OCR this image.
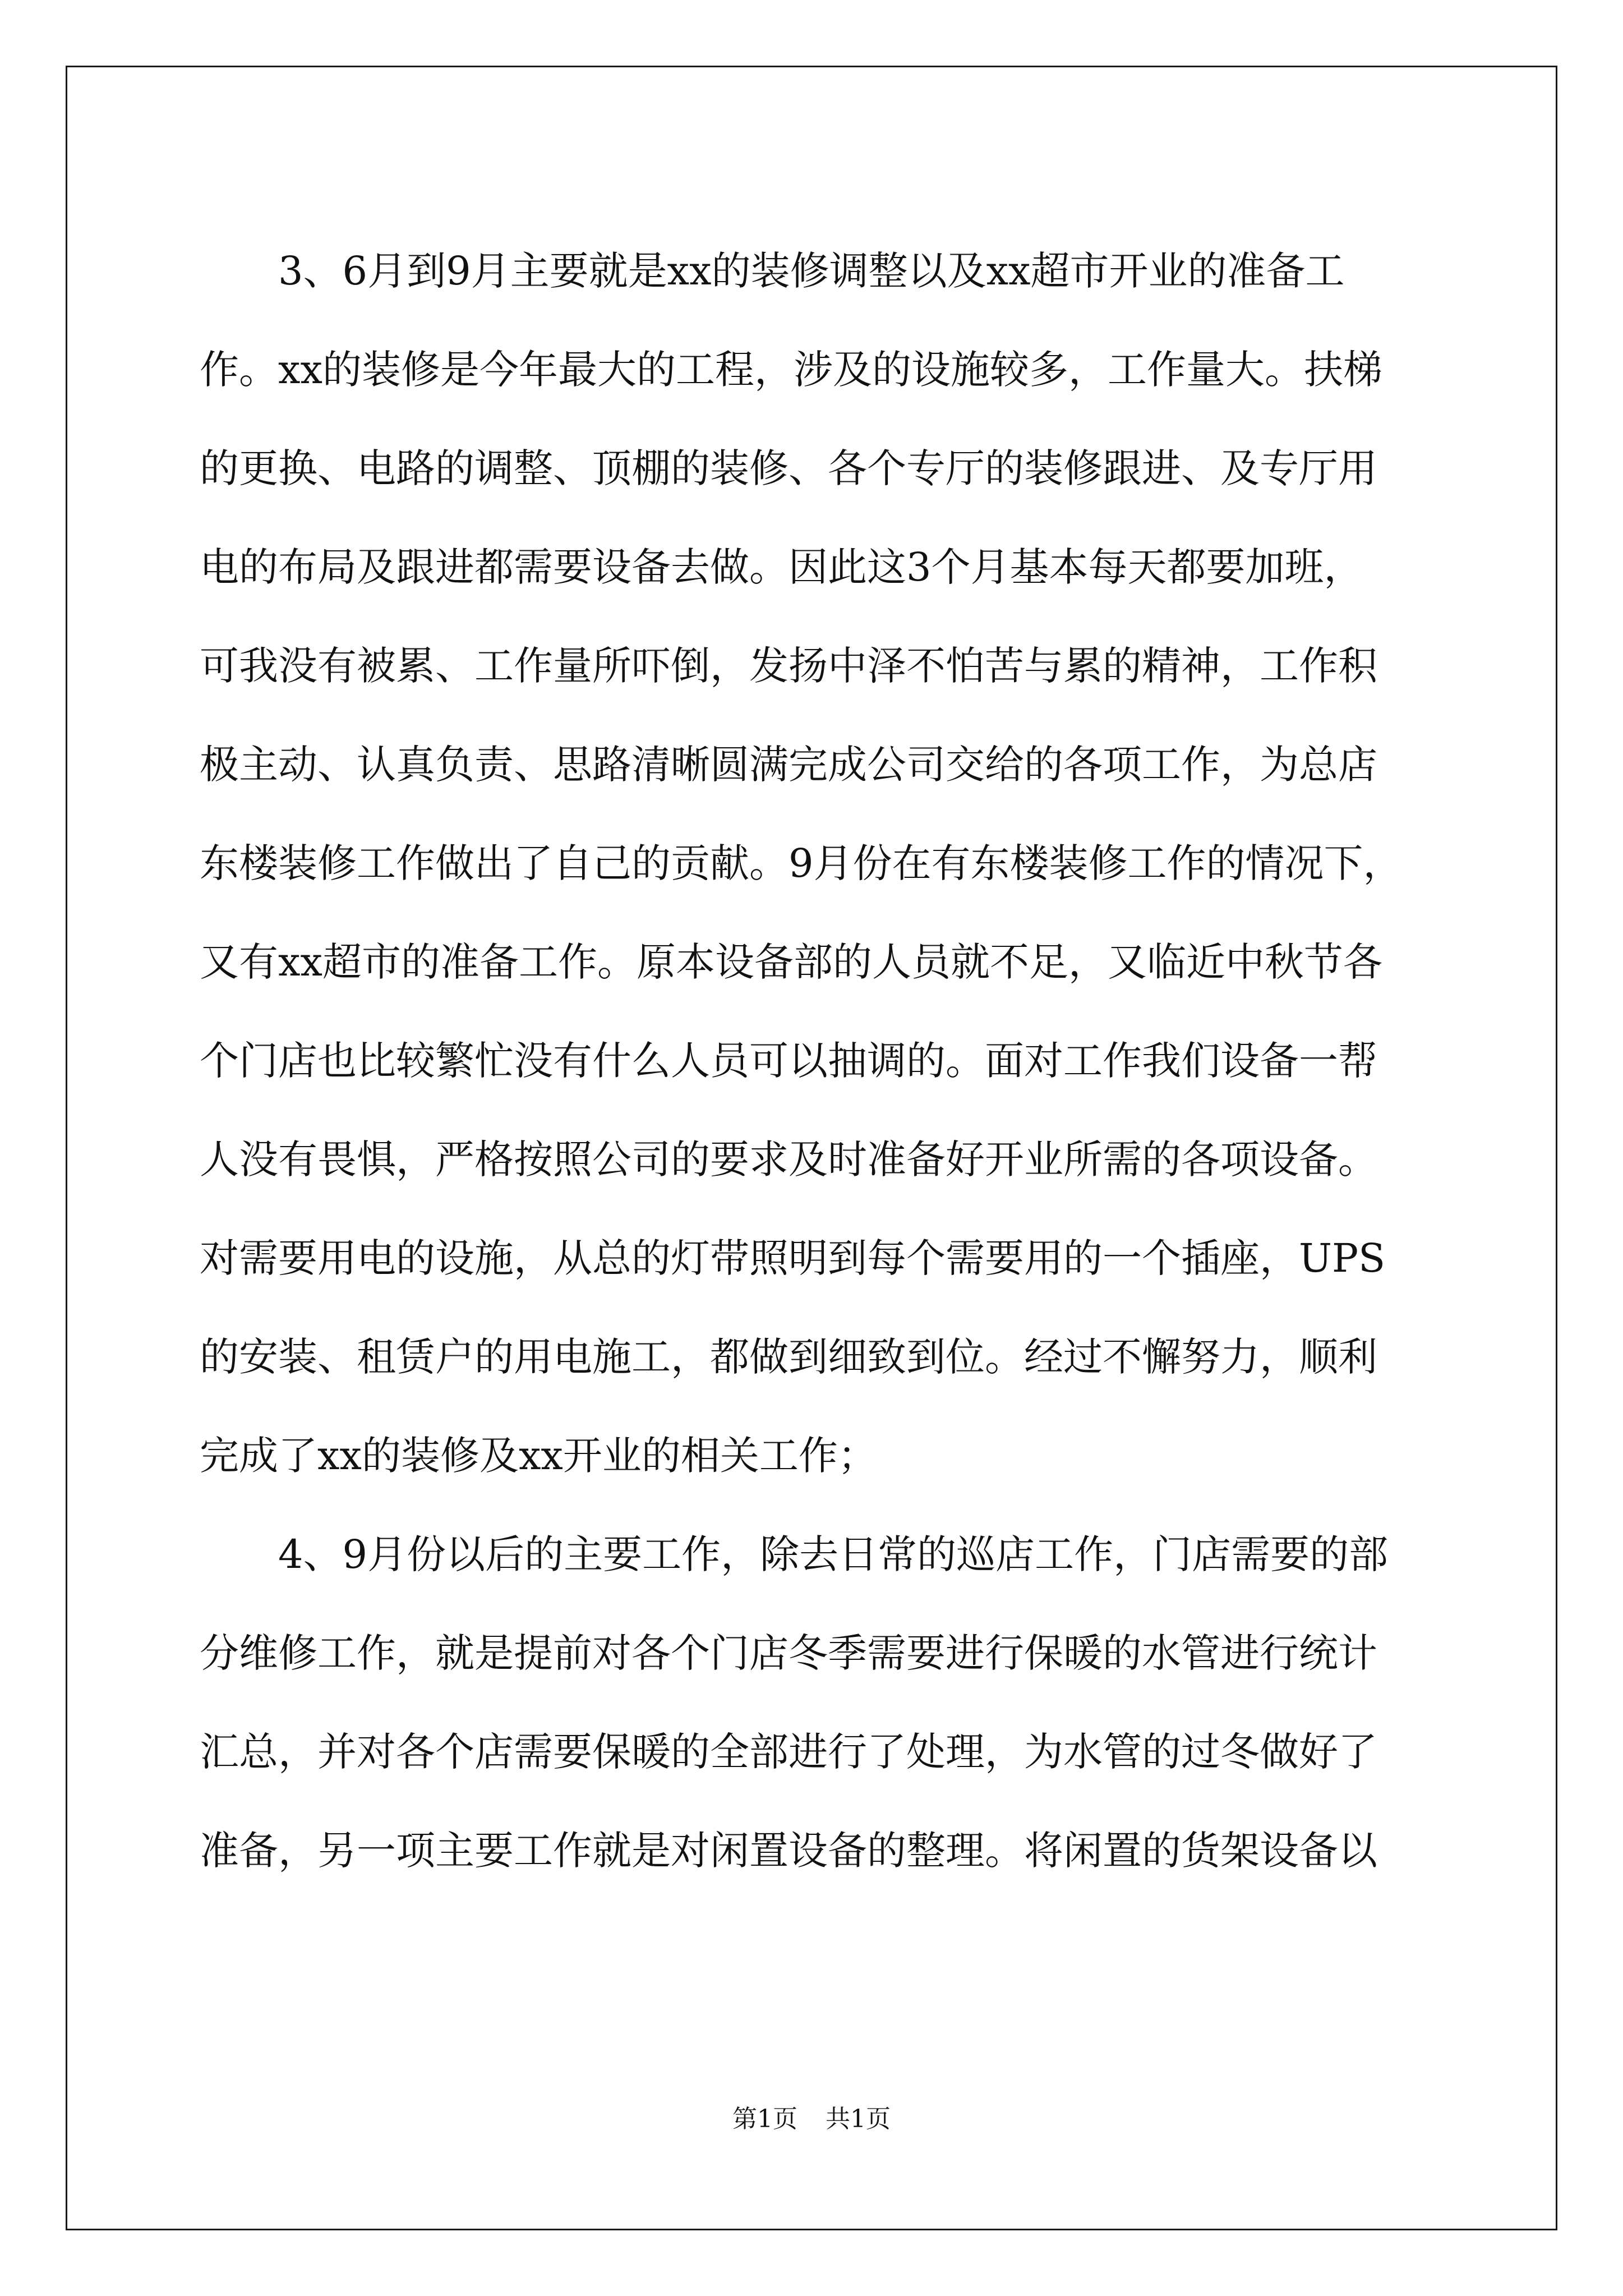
3、6月到9月主要就是xx的装修调整以及xx超市开业的准备工
作。xx的装修是今年最大的工程，涉及的设施较多，工作量大。扶梯
的更换、电路的调整、顶棚的装修、各个专厅的装修跟进、及专厅用
电的布局及跟进都需要设备去做。因此这3个月基本每天都要加班，
可我没有被累、工作量所吓倒，发扬中泽不怕苦与累的精神，工作积
极主动、认真负责、思路清晰圆满完成公司交给的各项工作，为总店
东楼装修工作做出了自己的贡献。9月份在有东楼装修工作的情况下，
又有xx超市的准备工作。原本设备部的人员就不足，又临近中秋节各
个门店也比较繁忙没有什么人员可以抽调的。面对工作我们设备一帮
人没有畏惧，严格按照公司的要求及时准备好开业所需的各项设备。
对需要用电的设施，从总的灯带照明到每个需要用的一个插座，UPS
的安装、租赁户的用电施工，都做到细致到位。经过不懈努力，顺利
完成了xx的装修及xx开业的相关工作；
4、9月份以后的主要工作，除去日常的巡店工作，门店需要的部
分维修工作，就是提前对各个门店冬季需要进行保暖的水管进行统计
汇总，并对各个店需要保暖的全部进行了处理，为水管的过冬做好了
准备，另一项主要工作就是对闲置设备的整理。将闲置的货架设备以
第1页 共1页
